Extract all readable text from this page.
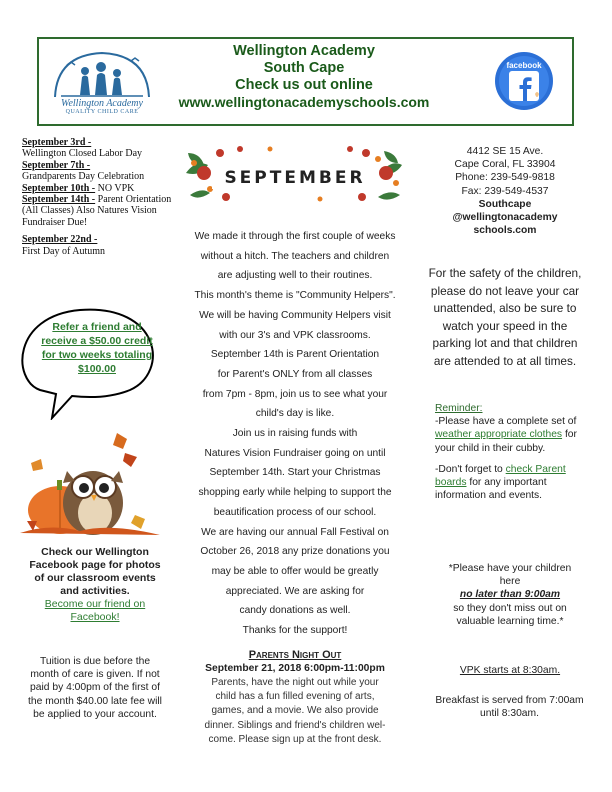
Wellington Academy
QUALITY CHILD CARE
Wellington Academy
South Cape
Check us out online
www.wellingtonacademyschools.com
facebook
September 3rd -
Wellington Closed Labor Day
September 7th -
Grandparents Day Celebration
September 10th - NO VPK
September 14th - Parent Orientation (All Classes) Also Natures Vision Fundraiser Due!
September 22nd -
First Day of Autumn
Refer a friend and receive a $50.00 credit for two weeks totaling $100.00
Check our Wellington Facebook page for photos of our classroom events and activities.
Become our friend on Facebook!
Tuition is due before the month of care is given. If not paid by 4:00pm of the first of the month $40.00 late fee will be applied to your account.
SEPTEMBER
We made it through the first couple of weeks
without a hitch. The teachers and children
are adjusting well to their routines.
This month's theme is "Community Helpers".
We will be having Community Helpers visit
with our 3's and VPK classrooms.
September 14th is Parent Orientation
for Parent's ONLY from all classes
from 7pm - 8pm, join us to see what your
child's day is like.
Join us in raising funds with
Natures Vision Fundraiser going on until
September 14th. Start your Christmas
shopping early while helping to support the
beautification process of our school.
We are having our annual Fall Festival on
October 26, 2018 any prize donations you
may be able to offer would be greatly
appreciated. We are asking for
candy donations as well.
Thanks for the support!
Parents Night Out
September 21, 2018 6:00pm-11:00pm
Parents, have the night out while your
child has a fun filled evening of arts,
games, and a movie. We also provide
dinner. Siblings and friend's children wel-
come. Please sign up at the front desk.
4412 SE 15 Ave.
Cape Coral, FL 33904
Phone: 239-549-9818
Fax: 239-549-4537
Southcape
@wellingtonacademy
schools.com
For the safety of the children, please do not leave your car unattended, also be sure to watch your speed in the parking lot and that children are attended to at all times.
Reminder:
-Please have a complete set of weather appropriate clothes for your child in their cubby.
-Don't forget to check Parent boards for any important information and events.
*Please have your children here
no later than 9:00am
so they don't miss out on valuable learning time.*
VPK starts at 8:30am.
Breakfast is served from 7:00am until 8:30am.
